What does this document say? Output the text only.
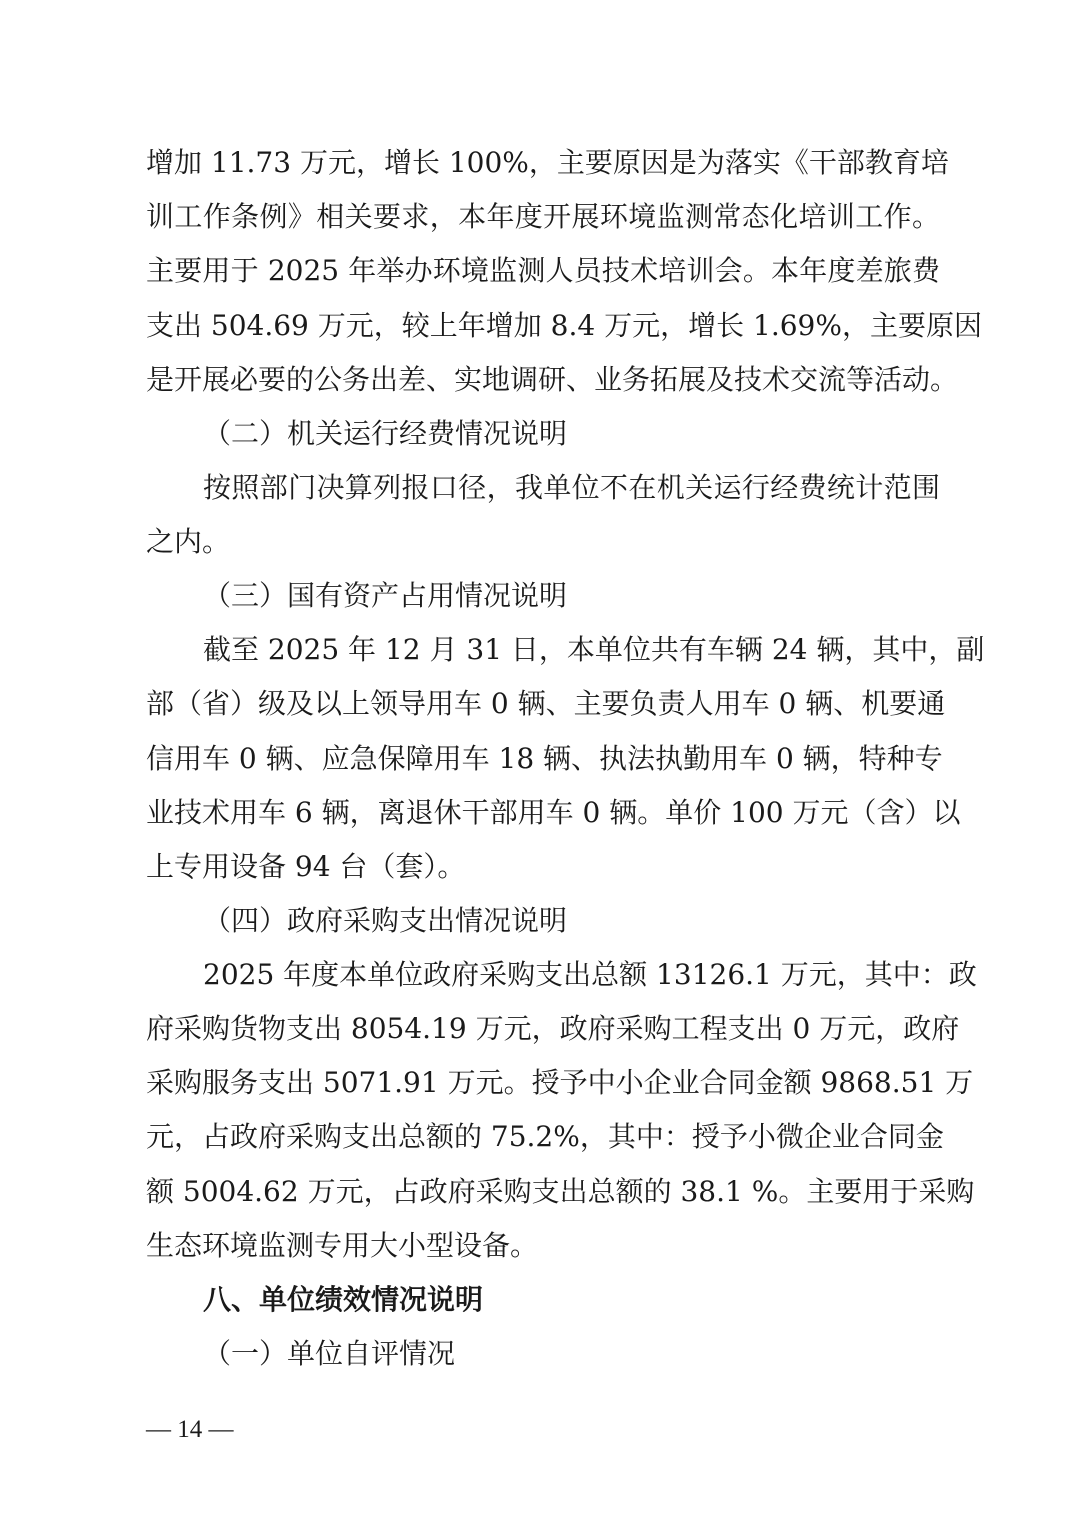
增加 11.73 万元，增长 100%，主要原因是为落实《干部教育培
训工作条例》相关要求，本年度开展环境监测常态化培训工作。
主要用于 2025 年举办环境监测人员技术培训会。本年度差旅费
支出 504.69 万元，较上年增加 8.4 万元，增长 1.69%，主要原因
是开展必要的公务出差、实地调研、业务拓展及技术交流等活动。
（二）机关运行经费情况说明
按照部门决算列报口径，我单位不在机关运行经费统计范围
之内。
（三）国有资产占用情况说明
截至 2025 年 12 月 31 日，本单位共有车辆 24 辆，其中，副
部（省）级及以上领导用车 0 辆、主要负责人用车 0 辆、机要通
信用车 0 辆、应急保障用车 18 辆、执法执勤用车 0 辆，特种专
业技术用车 6 辆，离退休干部用车 0 辆。单价 100 万元（含）以
上专用设备 94 台（套）。
（四）政府采购支出情况说明
2025 年度本单位政府采购支出总额 13126.1 万元，其中：政
府采购货物支出 8054.19 万元，政府采购工程支出 0 万元，政府
采购服务支出 5071.91 万元。授予中小企业合同金额 9868.51 万
元，占政府采购支出总额的 75.2%，其中：授予小微企业合同金
额 5004.62 万元，占政府采购支出总额的 38.1 %。主要用于采购
生态环境监测专用大小型设备。
八、单位绩效情况说明
（一）单位自评情况
— 14 —
